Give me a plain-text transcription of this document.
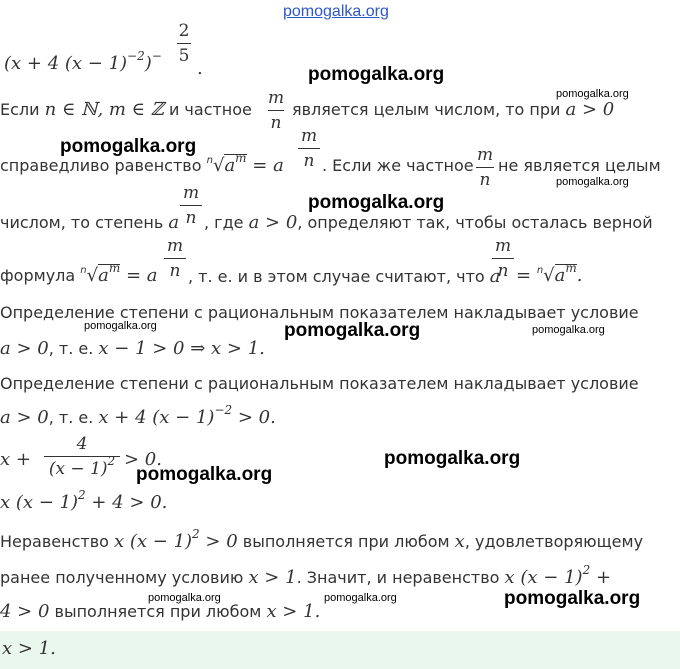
pomogalka.org
(x + 4 $(x - 1)^{-2})^-$
2
5
.
Если n ∈ ℕ, m ∈ ℤ и частное
m
n
является целым числом, то при a > 0
справедливо равенство $^n√a^m = a$
m
n . Если же частное
m
n
не является целым
числом, то степень a
m
n , где a > 0, определяют так, чтобы осталась верной
формула $^n√a^m = a$
m
n , т. е. и в этом случае считают, что a
m
$n = ^n√a^m$.
Определение степени с рациональным показателем накладывает условие
a > 0, т. е. x − 1 > 0 ⇒ x > 1.
Определение степени с рациональным показателем накладывает условие
a > 0, т. е. x + 4 $(x - 1)^{-2} > 0$.
x +
4
$(x - 1)^2 > 0$.
x $(x - 1)^2 + 4 > 0$.
Неравенство x $(x - 1)^2 > 0$ выполняется при любом x, удовлетворяющему
ранее полученному условию x > 1. Значит, и неравенство x $(x - 1)^2$ +
4 > 0 выполняется при любом x > 1.
x > 1.
pomogalka.org
pomogalka.org
pomogalka.org
pomogalka.org
pomogalka.org
pomogalka.org	pomogalka.org	pomogalka.org
pomogalka.org
pomogalka.org
pomogalka.org	pomogalka.org	pomogalka.org
